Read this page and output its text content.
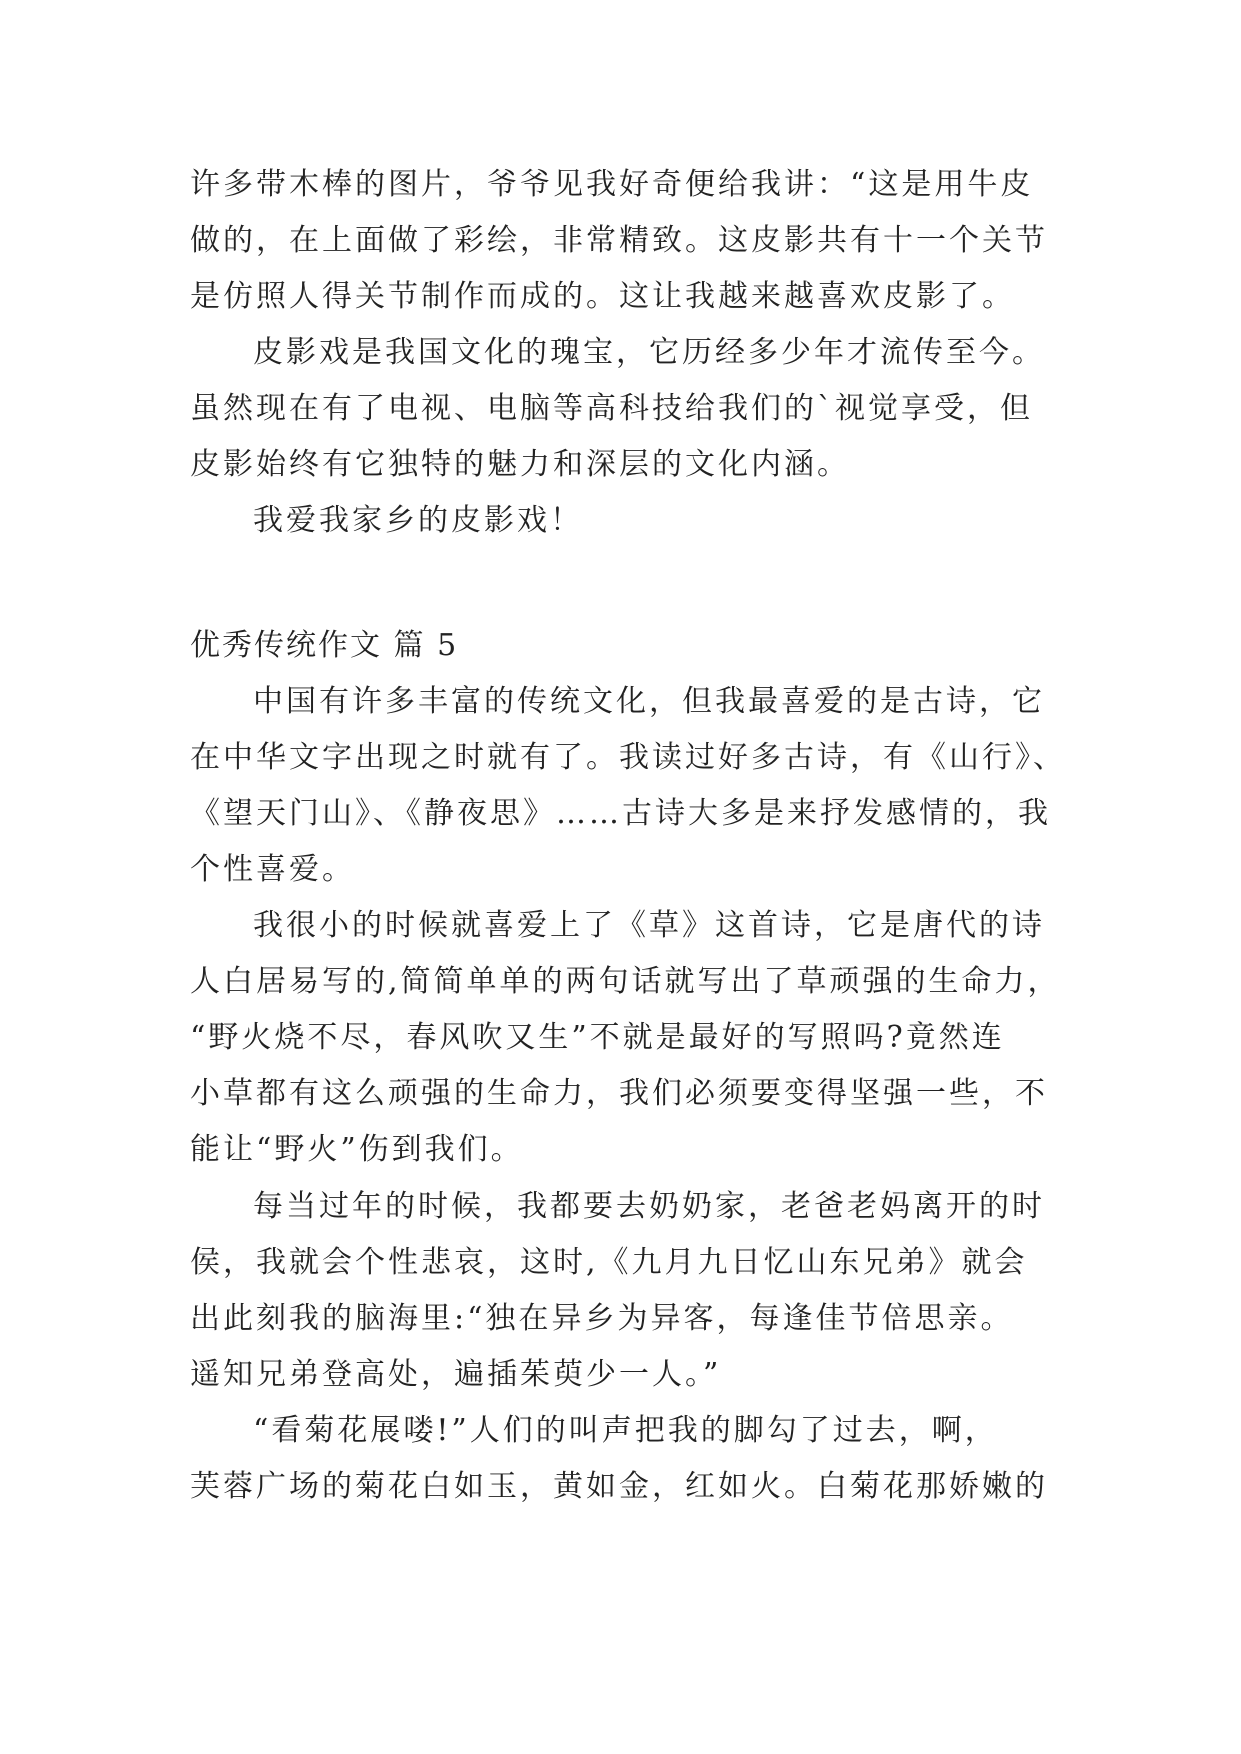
许多带木棒的图片，爷爷见我好奇便给我讲：“这是用牛皮
做的，在上面做了彩绘，非常精致。这皮影共有十一个关节
是仿照人得关节制作而成的。这让我越来越喜欢皮影了。
皮影戏是我国文化的瑰宝，它历经多少年才流传至今。
虽然现在有了电视、电脑等高科技给我们的`视觉享受，但
皮影始终有它独特的魅力和深层的文化内涵。
我爱我家乡的皮影戏！
优秀传统作文 篇 5
中国有许多丰富的传统文化，但我最喜爱的是古诗，它
在中华文字出现之时就有了。我读过好多古诗，有《山行》、
《望天门山》、《静夜思》……古诗大多是来抒发感情的，我
个性喜爱。
我很小的时候就喜爱上了《草》这首诗，它是唐代的诗
人白居易写的,简简单单的两句话就写出了草顽强的生命力，
“野火烧不尽，春风吹又生”不就是最好的写照吗?竟然连
小草都有这么顽强的生命力，我们必须要变得坚强一些，不
能让“野火”伤到我们。
每当过年的时候，我都要去奶奶家，老爸老妈离开的时
侯，我就会个性悲哀，这时,《九月九日忆山东兄弟》就会
出此刻我的脑海里:“独在异乡为异客，每逢佳节倍思亲。
遥知兄弟登高处，遍插茱萸少一人。”
“看菊花展喽!”人们的叫声把我的脚勾了过去，啊，
芙蓉广场的菊花白如玉，黄如金，红如火。白菊花那娇嫩的
